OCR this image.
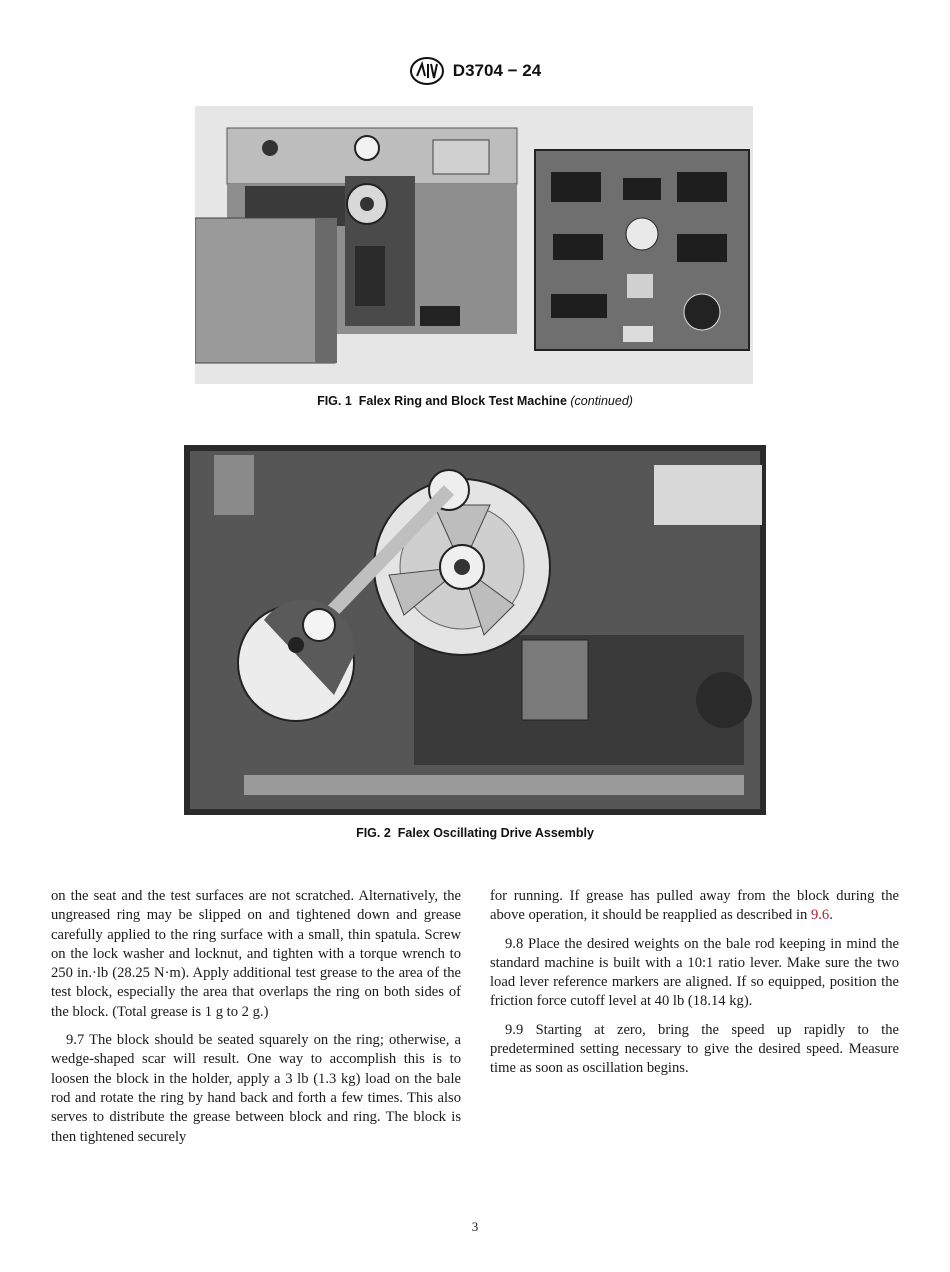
D3704 − 24
FIG. 1 Falex Ring and Block Test Machine (continued)
FIG. 2 Falex Oscillating Drive Assembly

on the seat and the test surfaces are not scratched. Alternatively, the ungreased ring may be slipped on and tightened down and grease carefully applied to the ring surface with a small, thin spatula. Screw on the lock washer and locknut, and tighten with a torque wrench to 250 in.·lb (28.25 N·m). Apply additional test grease to the area of the test block, especially the area that overlaps the ring on both sides of the block. (Total grease is 1 g to 2 g.)

9.7 The block should be seated squarely on the ring; otherwise, a wedge-shaped scar will result. One way to accomplish this is to loosen the block in the holder, apply a 3 lb (1.3 kg) load on the bale rod and rotate the ring by hand back and forth a few times. This also serves to distribute the grease between block and ring. The block is then tightened securely

for running. If grease has pulled away from the block during the above operation, it should be reapplied as described in 9.6.

9.8 Place the desired weights on the bale rod keeping in mind the standard machine is built with a 10:1 ratio lever. Make sure the two load lever reference markers are aligned. If so equipped, position the friction force cutoff level at 40 lb (18.14 kg).

9.9 Starting at zero, bring the speed up rapidly to the predetermined setting necessary to give the desired speed. Measure time as soon as oscillation begins.

3
